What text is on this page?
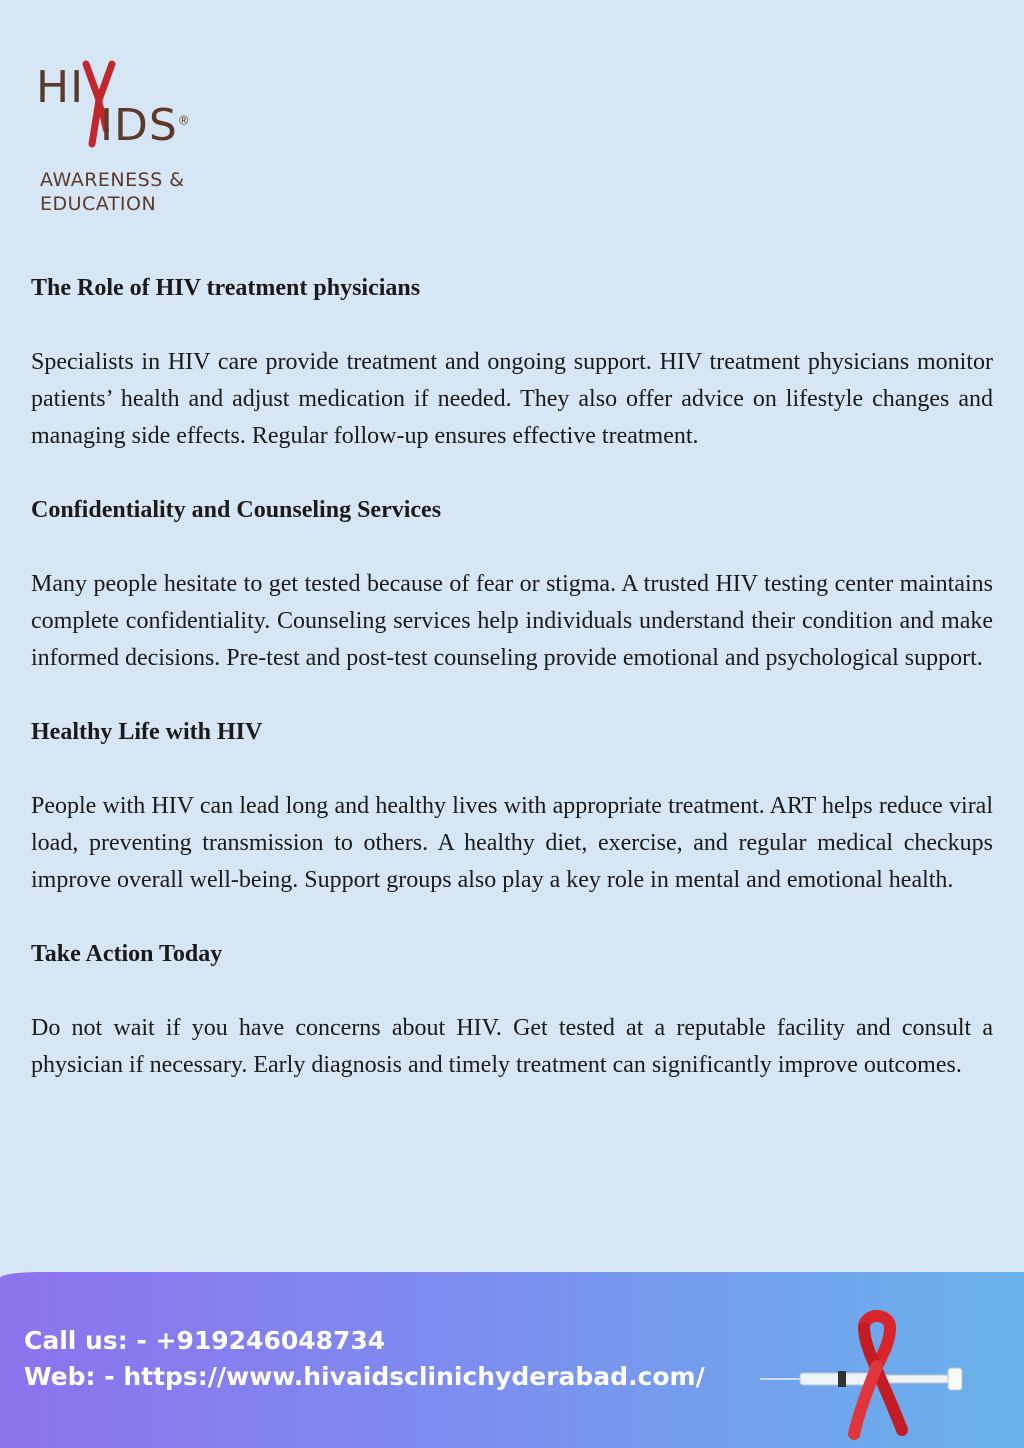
HI
IDS®
AWARENESS &
EDUCATION
The Role of HIV treatment physicians

Specialists in HIV care provide treatment and ongoing support. HIV treatment physicians monitor patients’ health and adjust medication if needed. They also offer advice on lifestyle changes and managing side effects. Regular follow-up ensures effective treatment.

Confidentiality and Counseling Services

Many people hesitate to get tested because of fear or stigma. A trusted HIV testing center maintains complete confidentiality. Counseling services help individuals understand their condition and make informed decisions. Pre-test and post-test counseling provide emotional and psychological support.

Healthy Life with HIV

People with HIV can lead long and healthy lives with appropriate treatment. ART helps reduce viral load, preventing transmission to others. A healthy diet, exercise, and regular medical checkups improve overall well-being. Support groups also play a key role in mental and emotional health.

Take Action Today

Do not wait if you have concerns about HIV. Get tested at a reputable facility and consult a physician if necessary. Early diagnosis and timely treatment can significantly improve outcomes.

Call us: - +919246048734
Web: - https://www.hivaidsclinichyderabad.com/
